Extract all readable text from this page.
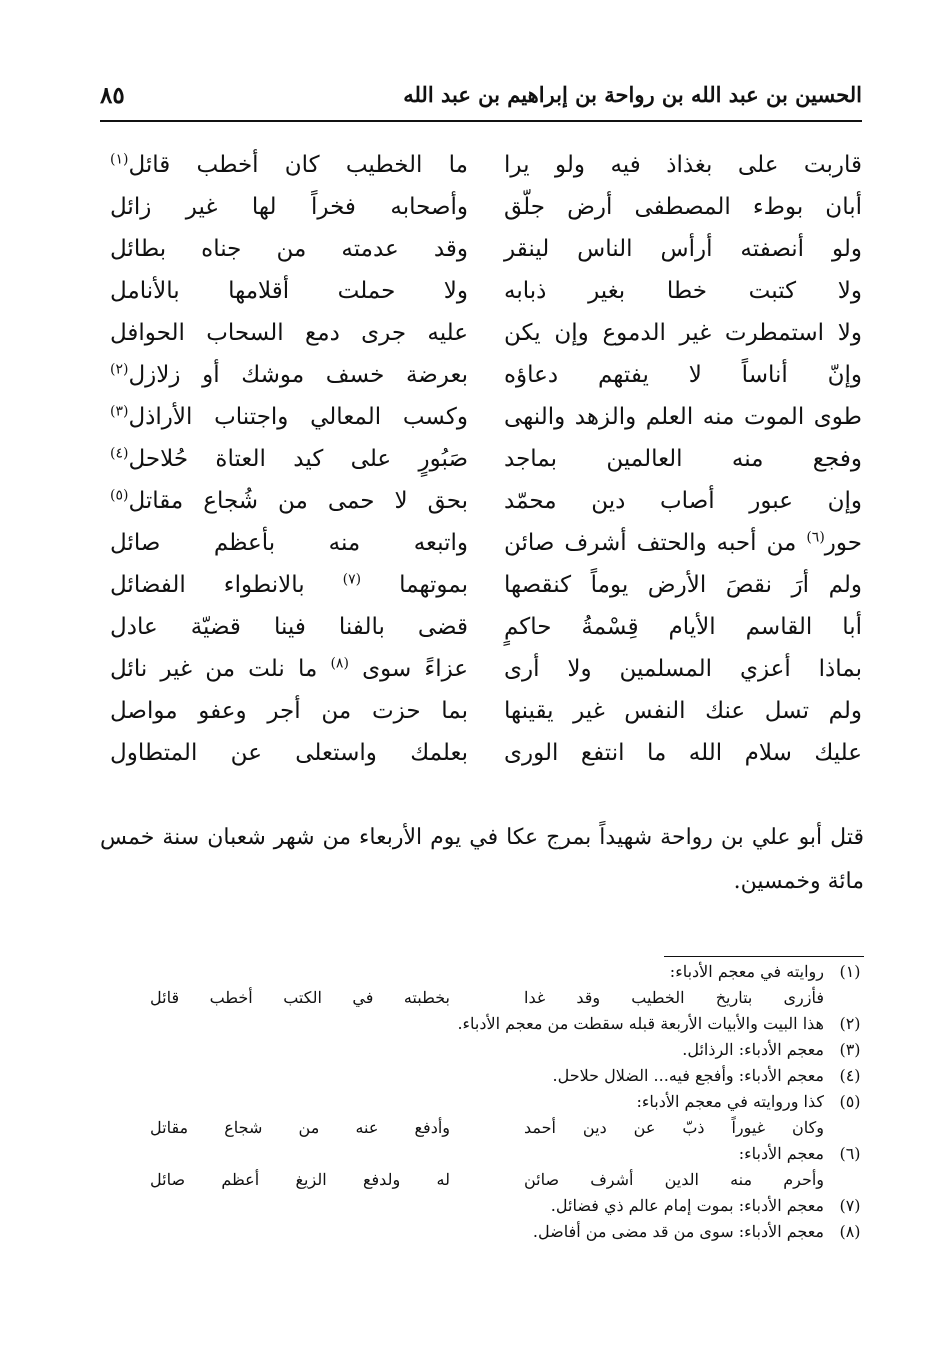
الحسين بن عبد الله بن رواحة بن إبراهيم بن عبد الله
٨٥
قاربت على بغذاذ فيه ولو يرا
ما الخطيب كان أخطب قائل$^{(١)}$
أبان بوطء المصطفى أرض جلّق
وأصحابه فخراً لها غير زائل
ولو أنصفته أرأس الناس لينقر
وقد عدمته من جناه بطائل
ولا كتبت خطا بغير ذبابه
ولا حملت أقلامها بالأنامل
ولا استمطرت غير الدموع وإن يكن
عليه جرى دمع السحاب الحوافل
وإنّ أناساً لا يفتهم دعاؤه
بعرضة خسف موشك أو زلازل$^{(٢)}$
طوى الموت منه العلم والزهد والنهى
وكسب المعالي واجتناب الأراذل$^{(٣)}$
وفجع منه العالمين بماجد
صَبُورٍ على كيد العتاة حُلاحل$^{(٤)}$
وإن عبور أصاب دين محمّد
بحق لا حمى من شُجاع مقاتل$^{(٥)}$
حور$^{(٦)}$ من أحبه والحتف أشرف صائن
واتبعه منه بأعظم صائل
ولم أرَ نقصَ الأرض يوماً كنقصها
بموتهما $^{(٧)}$ بالانطواء الفضائل
أبا القاسم الأيام قِسْمةُ حاكمٍ
قضى بالفنا فينا قضيّة عادل
بماذا أعزي المسلمين ولا أرى
عزاءً سوى $^{(٨)}$ ما نلت من غير نائل
ولم تسل عنك النفس غير يقينها
بما حزت من أجر وعفو مواصل
عليك سلام الله ما انتفع الورى
بعلمك واستعلى عن المتطاول
قتل أبو علي بن رواحة شهيداً بمرج عكا في يوم الأربعاء من شهر شعبان سنة خمس مائة وخمسين.
(١)
روايته في معجم الأدباء:
فأزرى بتاريخ الخطيب وقد غدا
بخطبته في الكتب أخطب قائل
(٢)
هذا البيت والأبيات الأربعة قبله سقطت من معجم الأدباء.
(٣)
معجم الأدباء: الرذائل.
(٤)
معجم الأدباء: وأفجع فيه... الضلال حلاحل.
(٥)
كذا وروايته في معجم الأدباء:
وكان غيوراً ذبّ عن دين أحمد
وأدفع عنه من شجاع مقاتل
(٦)
معجم الأدباء:
وأحرم منه الدين أشرف صائن
له ولدفع الزيغ أعظم صائل
(٧)
معجم الأدباء: بموت إمام عالم ذي فضائل.
(٨)
معجم الأدباء: سوى من قد مضى من أفاضل.
